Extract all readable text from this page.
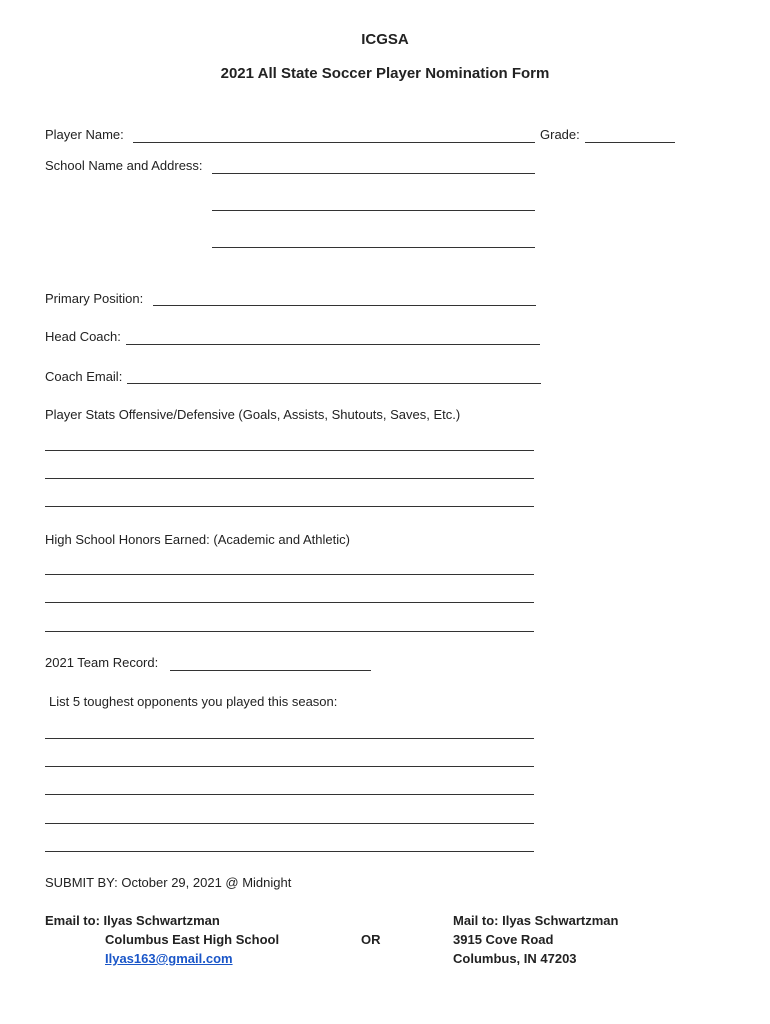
ICGSA
2021 All State Soccer Player Nomination Form
Player Name:	Grade:
School Name and Address:
Primary Position:
Head Coach:
Coach Email:
Player Stats Offensive/Defensive (Goals, Assists, Shutouts, Saves, Etc.)
High School Honors Earned: (Academic and Athletic)
2021 Team Record:
List 5 toughest opponents you played this season:
SUBMIT BY: October 29, 2021 @ Midnight
Email to: Ilyas Schwartzman
Columbus East High School
Ilyas163@gmail.com
OR
Mail to: Ilyas Schwartzman
3915 Cove Road
Columbus, IN 47203
